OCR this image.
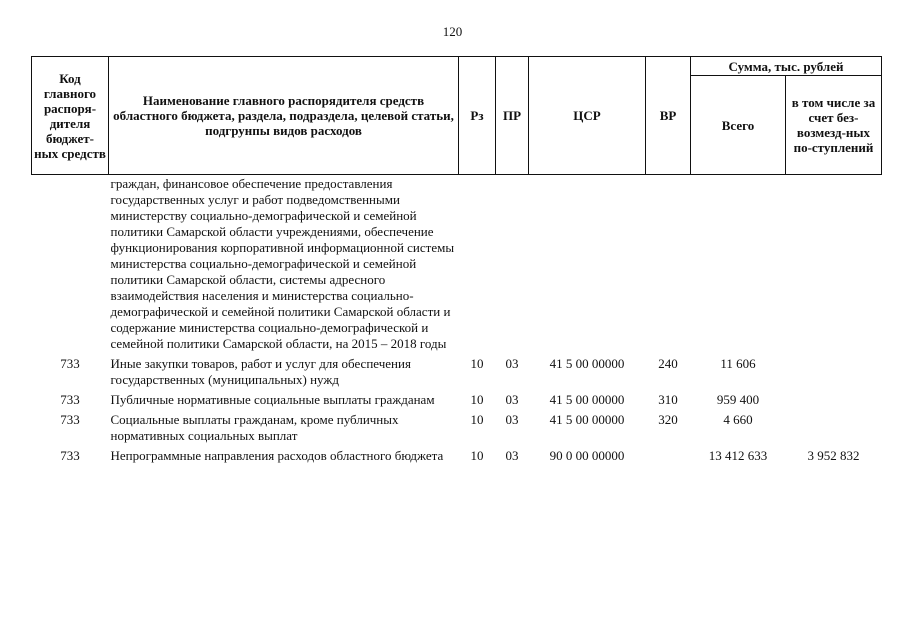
120
Код главного распоря-дителя бюджет-ных средств	Наименование главного распорядителя средств областного бюджета, раздела, подраздела, целевой статьи, подгрунпы видов расходов	Рз	ПР	ЦСР	ВР	Сумма, тыс. рублей	
						Всего	в том числе за счет без-возмезд-ных по-ступлений
	граждан, финансовое обеспечение предоставления государственных услуг и работ подведомственными министерству социально-демографической и семейной политики Самарской области учреждениями, обеспечение функционирования корпоративной информационной системы министерства социально-демографической и семейной политики Самарской области, системы адресного взаимодействия населения и министерства социально-демографической и семейной политики Самарской области и содержание министерства социально-демографической и семейной политики Самарской области, на 2015 – 2018 годы						
733	Иные закупки товаров, работ и услуг для обеспечения государственных (муниципальных) нужд	10	03	41 5 00 00000	240	11 606	
733	Публичные нормативные социальные выплаты гражданам	10	03	41 5 00 00000	310	959 400	
733	Социальные выплаты гражданам, кроме публичных нормативных социальных выплат	10	03	41 5 00 00000	320	4 660	
733	Непрограммные направления расходов областного бюджета	10	03	90 0 00 00000		13 412 633	3 952 832
